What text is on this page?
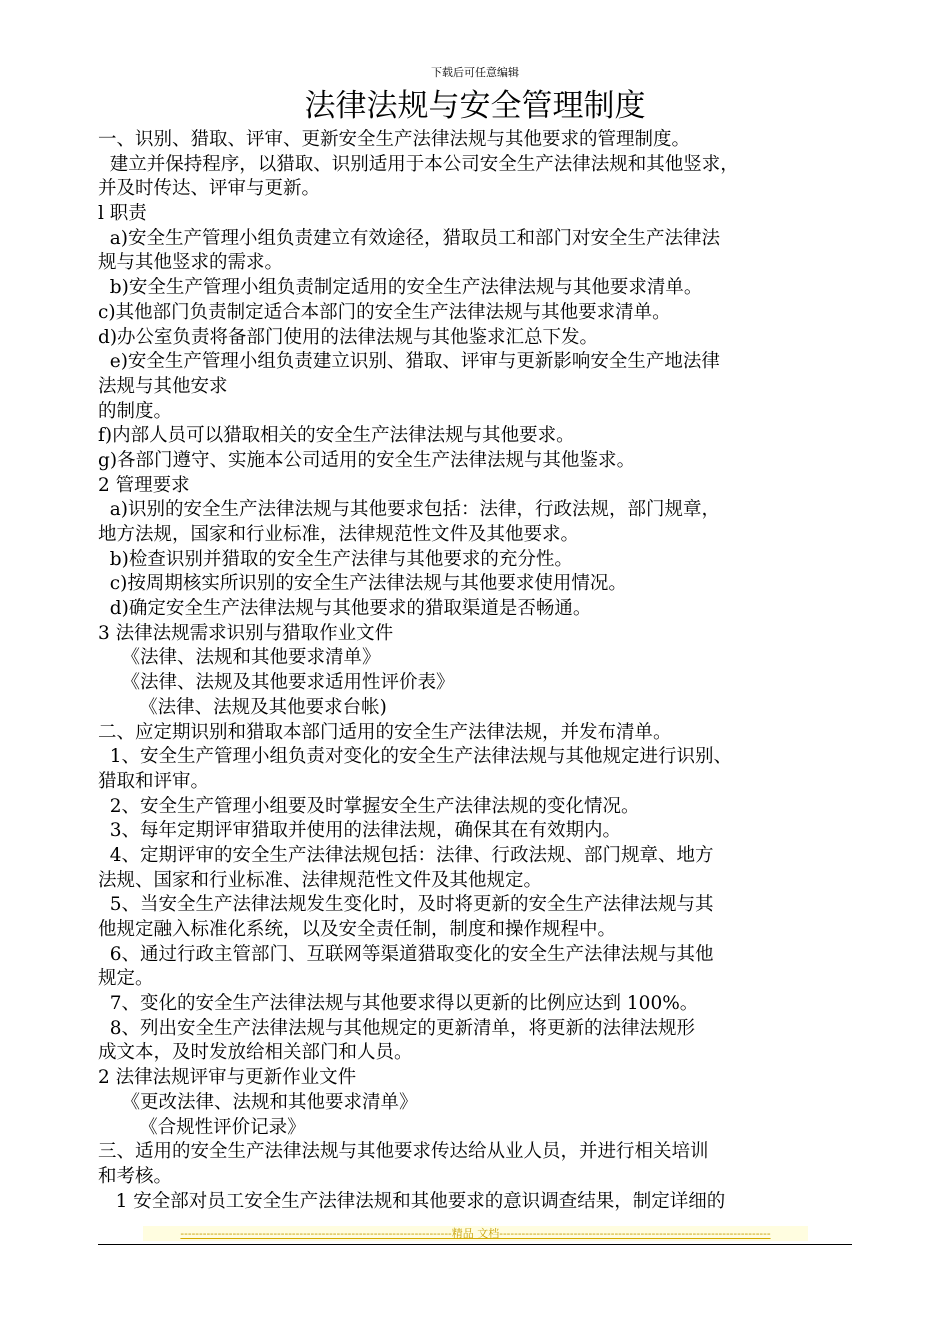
下载后可任意编辑
法律法规与安全管理制度
一、识别、猎取、评审、更新安全生产法律法规与其他要求的管理制度。
建立并保持程序，以猎取、识别适用于本公司安全生产法律法规和其他竖求，
并及时传达、评审与更新。
l 职责
a)安全生产管理小组负责建立有效途径，猎取员工和部门对安全生产法律法
规与其他竖求的需求。
b)安全生产管理小组负责制定适用的安全生产法律法规与其他要求清单。
c)其他部门负责制定适合本部门的安全生产法律法规与其他要求清单。
d)办公室负责将备部门使用的法律法规与其他鉴求汇总下发。
e)安全生产管理小组负责建立识别、猎取、评审与更新影响安全生产地法律
法规与其他安求
的制度。
f)内部人员可以猎取相关的安全生产法律法规与其他要求。
g)各部门遵守、实施本公司适用的安全生产法律法规与其他鉴求。
2 管理要求
a)识别的安全生产法律法规与其他要求包括：法律，行政法规，部门规章，
地方法规，国家和行业标准，法律规范性文件及其他要求。
b)检查识别并猎取的安全生产法律与其他要求的充分性。
c)按周期核实所识别的安全生产法律法规与其他要求使用情况。
d)确定安全生产法律法规与其他要求的猎取渠道是否畅通。
3 法律法规需求识别与猎取作业文件
《法律、法规和其他要求清单》
《法律、法规及其他要求适用性评价表》
《法律、法规及其他要求台帐)
二、应定期识别和猎取本部门适用的安全生产法律法规，并发布清单。
1、安全生产管理小组负责对变化的安全生产法律法规与其他规定进行识别、
猎取和评审。
2、安全生产管理小组要及时掌握安全生产法律法规的变化情况。
3、每年定期评审猎取并使用的法律法规，确保其在有效期内。
4、定期评审的安全生产法律法规包括：法律、行政法规、部门规章、地方
法规、国家和行业标准、法律规范性文件及其他规定。
5、当安全生产法律法规发生变化时，及时将更新的安全生产法律法规与其
他规定融入标准化系统，以及安全责任制，制度和操作规程中。
6、通过行政主管部门、互联网等渠道猎取变化的安全生产法律法规与其他
规定。
7、变化的安全生产法律法规与其他要求得以更新的比例应达到 100%。
8、列出安全生产法律法规与其他规定的更新清单，将更新的法律法规形
成文本，及时发放给相关部门和人员。
2 法律法规评审与更新作业文件
《更改法律、法规和其他要求清单》
《合规性评价记录》
三、适用的安全生产法律法规与其他要求传达给从业人员，并进行相关培训
和考核。
1 安全部对员工安全生产法律法规和其他要求的意识调查结果，制定详细的
-------------------------------------------------------------------------精品 文档-------------------------------------------------------------------------
